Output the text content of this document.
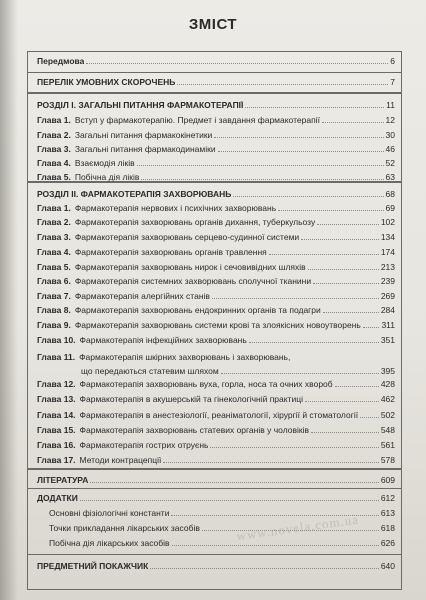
ЗМІСТ
Передмова	6
ПЕРЕЛІК УМОВНИХ СКОРОЧЕНЬ	7
РОЗДІЛ І. ЗАГАЛЬНІ ПИТАННЯ ФАРМАКОТЕРАПІЇ	11
Глава 1. Вступ у фармакотерапію. Предмет і завдання фармакотерапії	12
Глава 2. Загальні питання фармакокінетики	30
Глава 3. Загальні питання фармакодинаміки	46
Глава 4. Взаємодія ліків	52
Глава 5. Побічна дія ліків	63
РОЗДІЛ ІІ. ФАРМАКОТЕРАПІЯ ЗАХВОРЮВАНЬ	68
Глава 1. Фармакотерапія нервових і психічних захворювань	69
Глава 2. Фармакотерапія захворювань органів дихання, туберкульозу	102
Глава 3. Фармакотерапія захворювань серцево-судинної системи	134
Глава 4. Фармакотерапія захворювань органів травлення	174
Глава 5. Фармакотерапія захворювань нирок і сечовивідних шляхів	213
Глава 6. Фармакотерапія системних захворювань сполучної тканини	239
Глава 7. Фармакотерапія алергійних станів	269
Глава 8. Фармакотерапія захворювань ендокринних органів та подагри	284
Глава 9. Фармакотерапія захворювань системи крові та злоякісних новоутворень 311
Глава 10. Фармакотерапія інфекційних захворювань	351
Глава 11. Фармакотерапія шкірних захворювань і захворювань,
що передаються статевим шляхом	395
Глава 12. Фармакотерапія захворювань вуха, горла, носа та очних хвороб	428
Глава 13. Фармакотерапія в акушерській та гінекологічній практиці	462
Глава 14. Фармакотерапія в анестезіології, реаніматології, хірургії й стоматології	502
Глава 15. Фармакотерапія захворювань статевих органів у чоловіків	548
Глава 16. Фармакотерапія гострих отруєнь	561
Глава 17. Методи контрацепції	578
ЛІТЕРАТУРА	609
ДОДАТКИ	612
Основні фізіологічні константи	613
Точки прикладання лікарських засобів	618
Побічна дія лікарських засобів	626
ПРЕДМЕТНИЙ ПОКАЖЧИК	640
www.novela.com.ua
